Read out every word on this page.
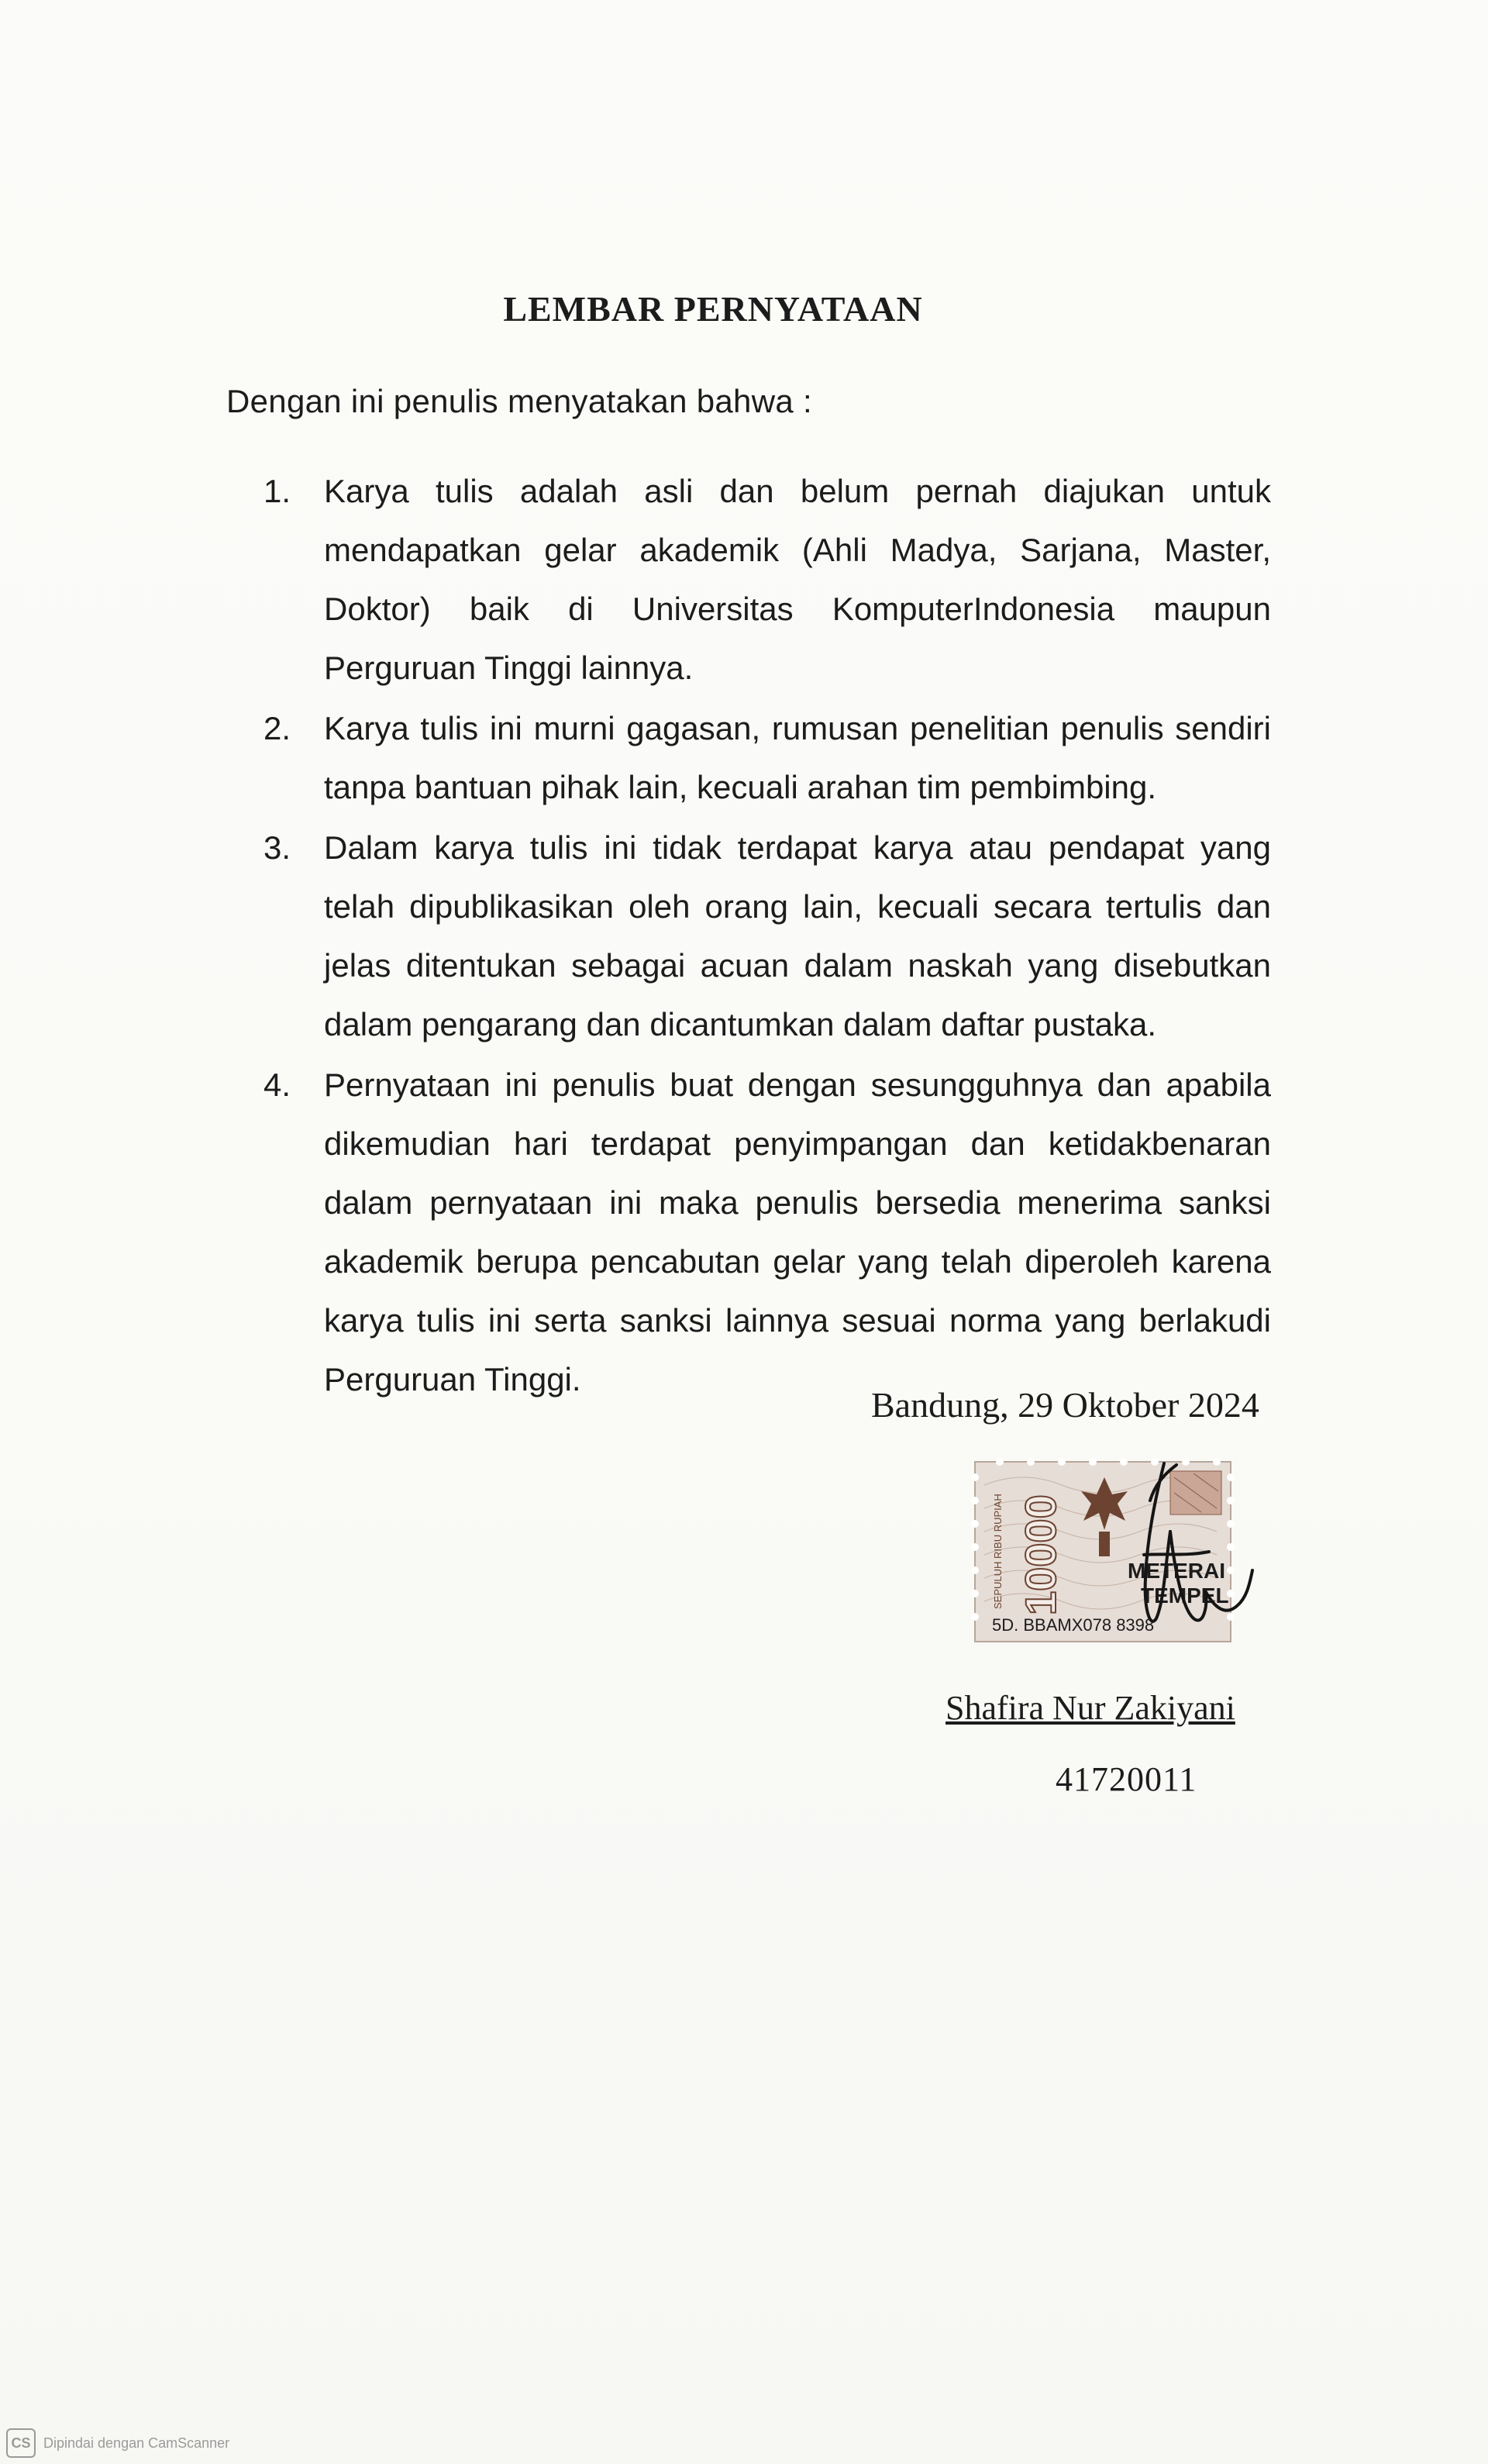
LEMBAR PERNYATAAN
Dengan ini penulis menyatakan bahwa :
1.	Karya tulis adalah asli dan belum pernah diajukan untuk mendapatkan gelar akademik (Ahli Madya, Sarjana, Master, Doktor) baik di Universitas KomputerIndonesia maupun Perguruan Tinggi lainnya.
2.	Karya tulis ini murni gagasan, rumusan penelitian penulis sendiri tanpa bantuan pihak lain, kecuali arahan tim pembimbing.
3.	Dalam karya tulis ini tidak terdapat karya atau pendapat yang telah dipublikasikan oleh orang lain, kecuali secara tertulis dan jelas ditentukan sebagai acuan dalam naskah yang disebutkan dalam pengarang dan dicantumkan dalam daftar pustaka.
4.	Pernyataan ini penulis buat dengan sesungguhnya dan apabila dikemudian hari terdapat penyimpangan dan ketidakbenaran dalam pernyataan ini maka penulis bersedia menerima sanksi akademik berupa pencabutan gelar yang telah diperoleh karena karya tulis ini serta sanksi lainnya sesuai norma yang berlakudi Perguruan Tinggi.
Bandung, 29 Oktober 2024
10000
SEPULUH RIBU RUPIAH	METERAI
TEMPEL
5D. BBAMX078 8398
Shafira Nur Zakiyani
41720011
CS Dipindai dengan CamScanner
